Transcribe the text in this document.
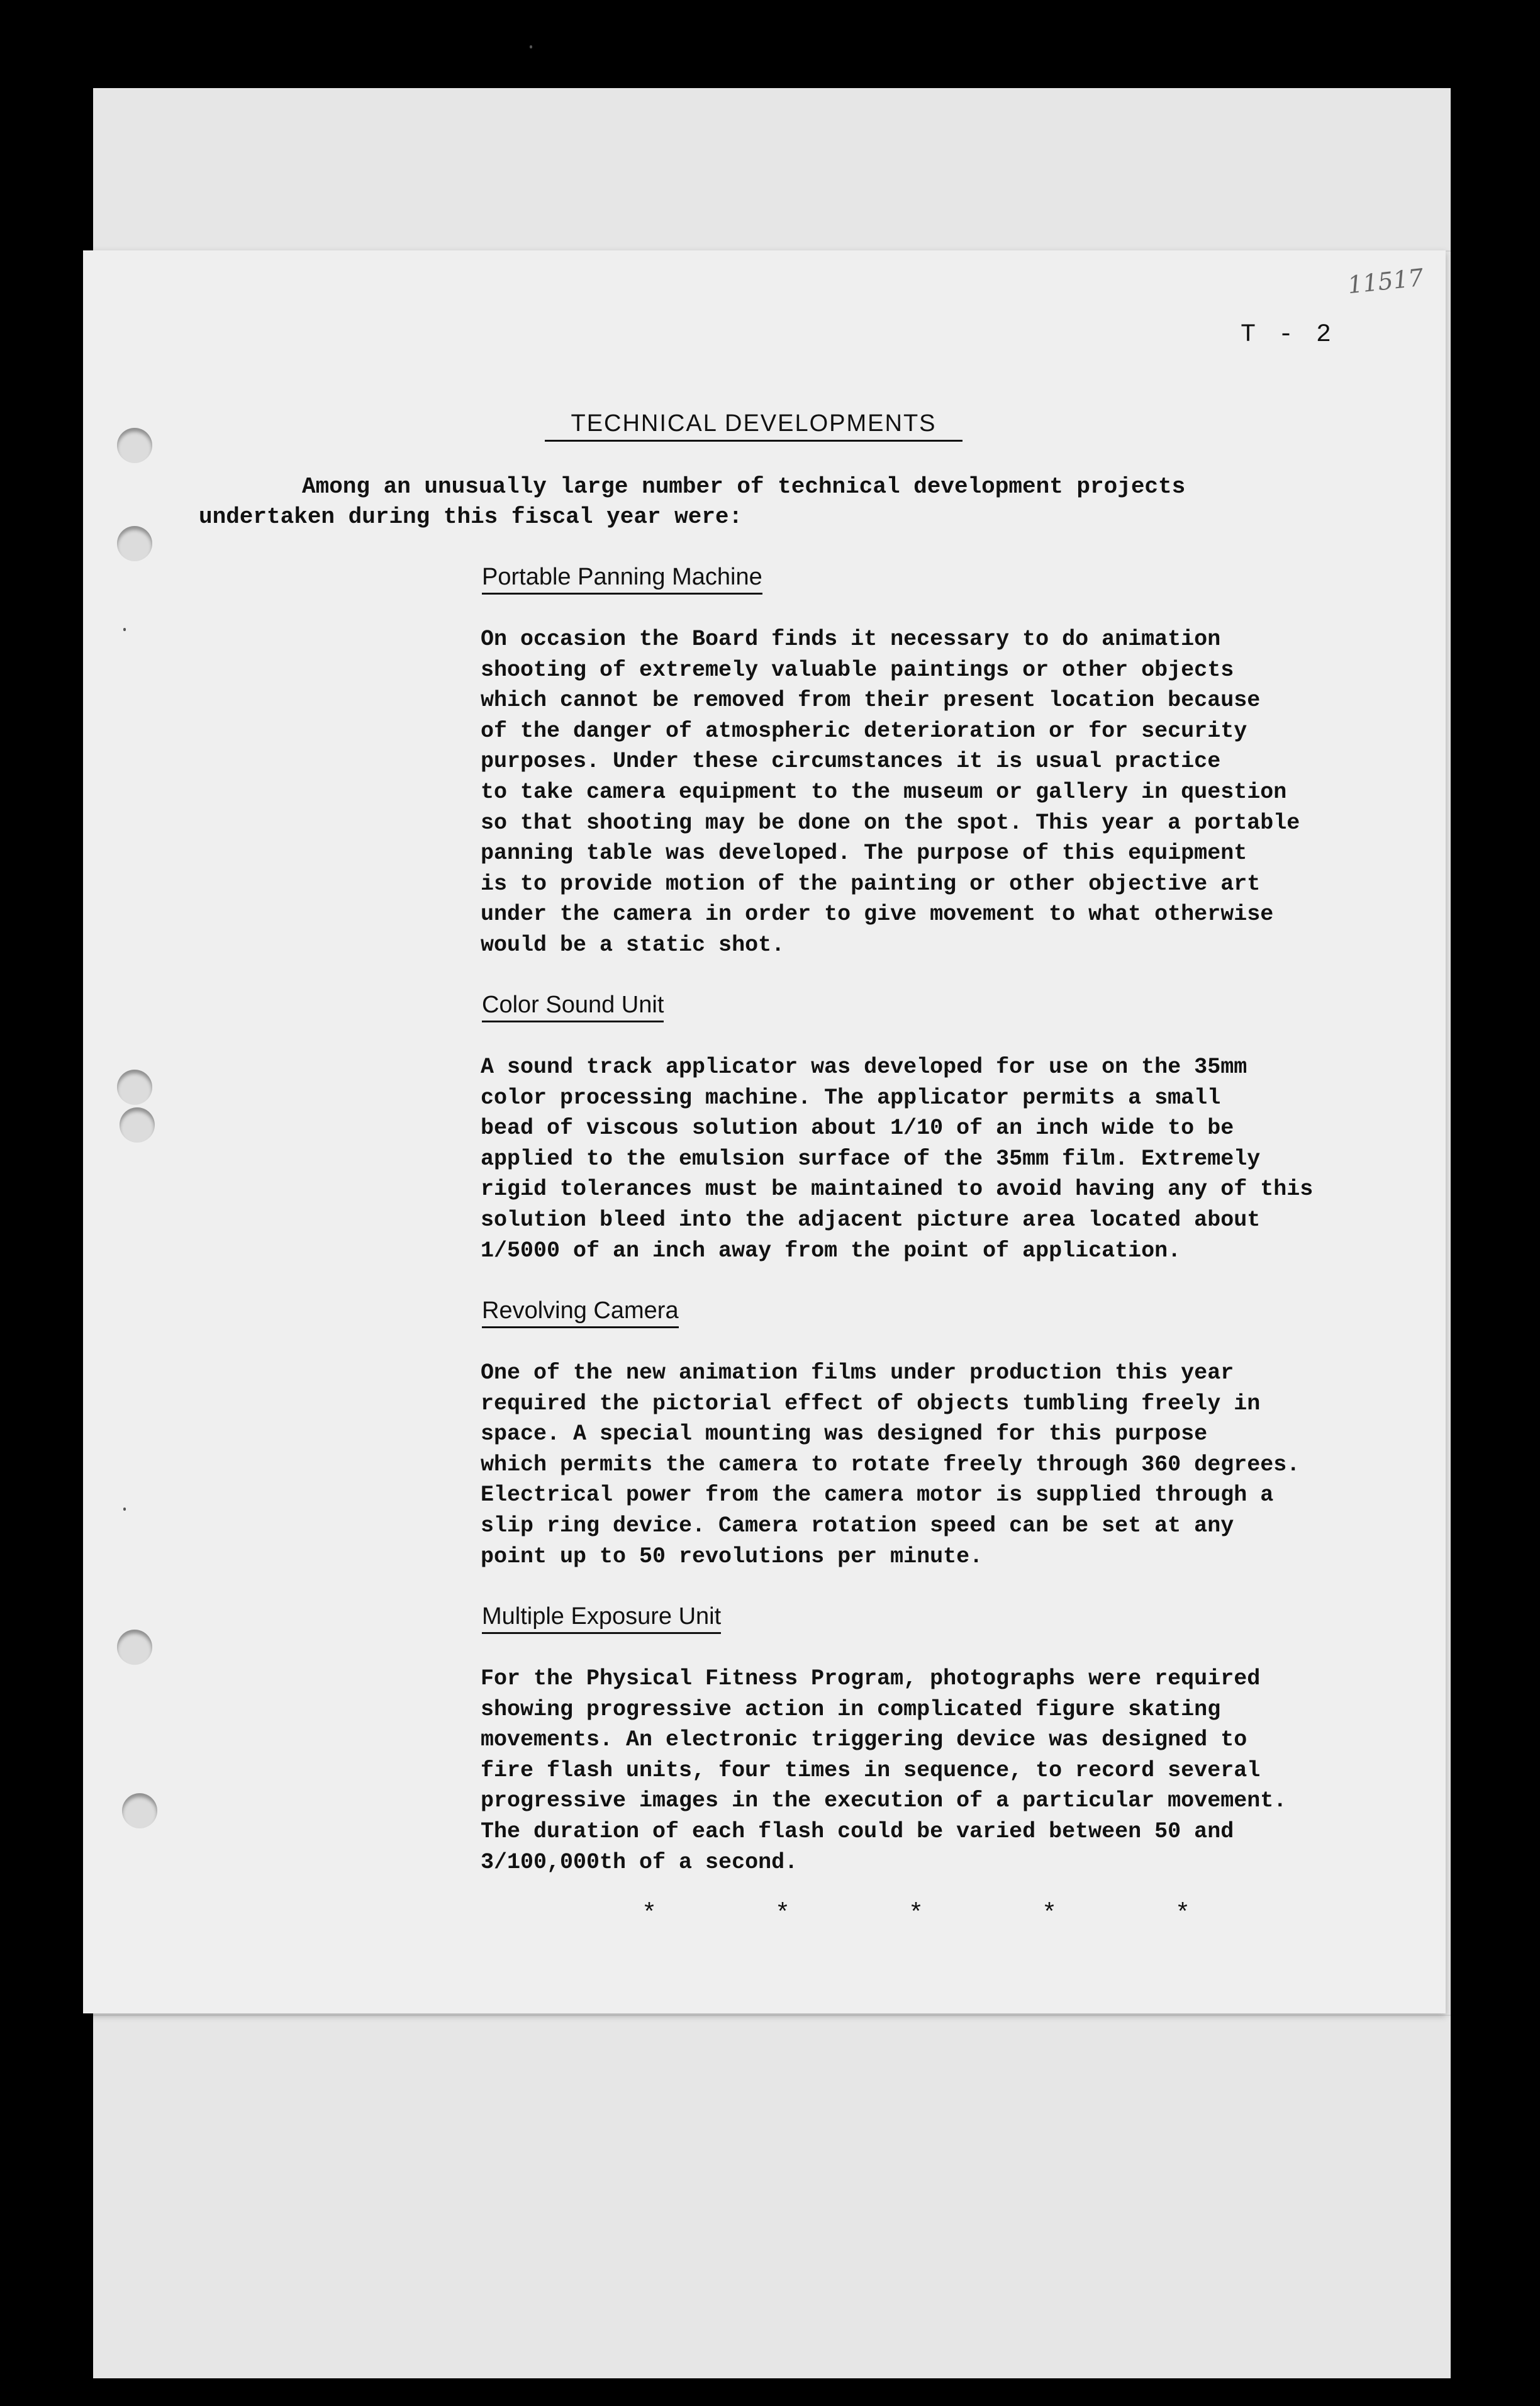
11517
T - 2
TECHNICAL DEVELOPMENTS

Among an unusually large number of technical development projects undertaken during this fiscal year were:

Portable Panning Machine

On occasion the Board finds it necessary to do animation
shooting of extremely valuable paintings or other objects
which cannot be removed from their present location because
of the danger of atmospheric deterioration or for security
purposes. Under these circumstances it is usual practice
to take camera equipment to the museum or gallery in question
so that shooting may be done on the spot. This year a portable
panning table was developed. The purpose of this equipment
is to provide motion of the painting or other objective art
under the camera in order to give movement to what otherwise
would be a static shot.

Color Sound Unit

A sound track applicator was developed for use on the 35mm
color processing machine. The applicator permits a small
bead of viscous solution about 1/10 of an inch wide to be
applied to the emulsion surface of the 35mm film. Extremely
rigid tolerances must be maintained to avoid having any of this
solution bleed into the adjacent picture area located about
1/5000 of an inch away from the point of application.

Revolving Camera

One of the new animation films under production this year
required the pictorial effect of objects tumbling freely in
space. A special mounting was designed for this purpose
which permits the camera to rotate freely through 360 degrees.
Electrical power from the camera motor is supplied through a
slip ring device. Camera rotation speed can be set at any
point up to 50 revolutions per minute.

Multiple Exposure Unit

For the Physical Fitness Program, photographs were required
showing progressive action in complicated figure skating
movements. An electronic triggering device was designed to
fire flash units, four times in sequence, to record several
progressive images in the execution of a particular movement.
The duration of each flash could be varied between 50 and
3/100,000th of a second.

* * * * *
